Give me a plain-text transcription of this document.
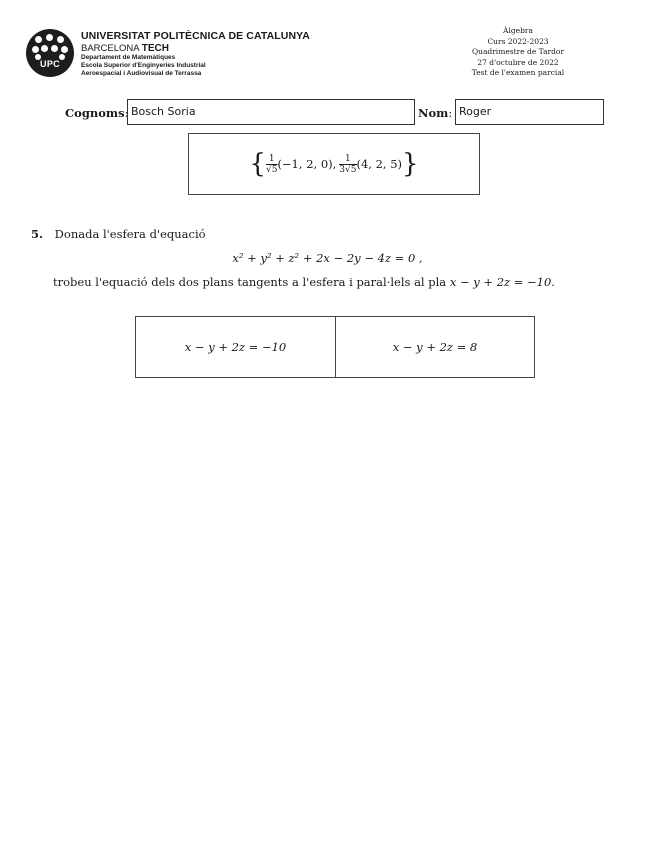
UPC
UNIVERSITAT POLITÈCNICA DE CATALUNYA
BARCELONA TECH
Departament de Matemàtiques
Escola Superior d'Enginyeries Industrial
Aeroespacial i Audiovisual de Terrassa
Àlgebra
Curs 2022-2023
Quadrimestre de Tardor
27 d'octubre de 2022
Test de l'examen parcial
Cognoms: Bosch Soria	Nom: Roger
{ $\frac{1}{√5} (-1$, 2, 0), $\frac{1}{3√5} (4$, 2, 5) }
5. Donada l'esfera d'equació
x² + y² + z² + 2x − 2y − 4z = 0 ,
trobeu l'equació dels dos plans tangents a l'esfera i paral·lels al pla x − y + 2z = −10.
x − y + 2z = −10	x − y + 2z = 8
